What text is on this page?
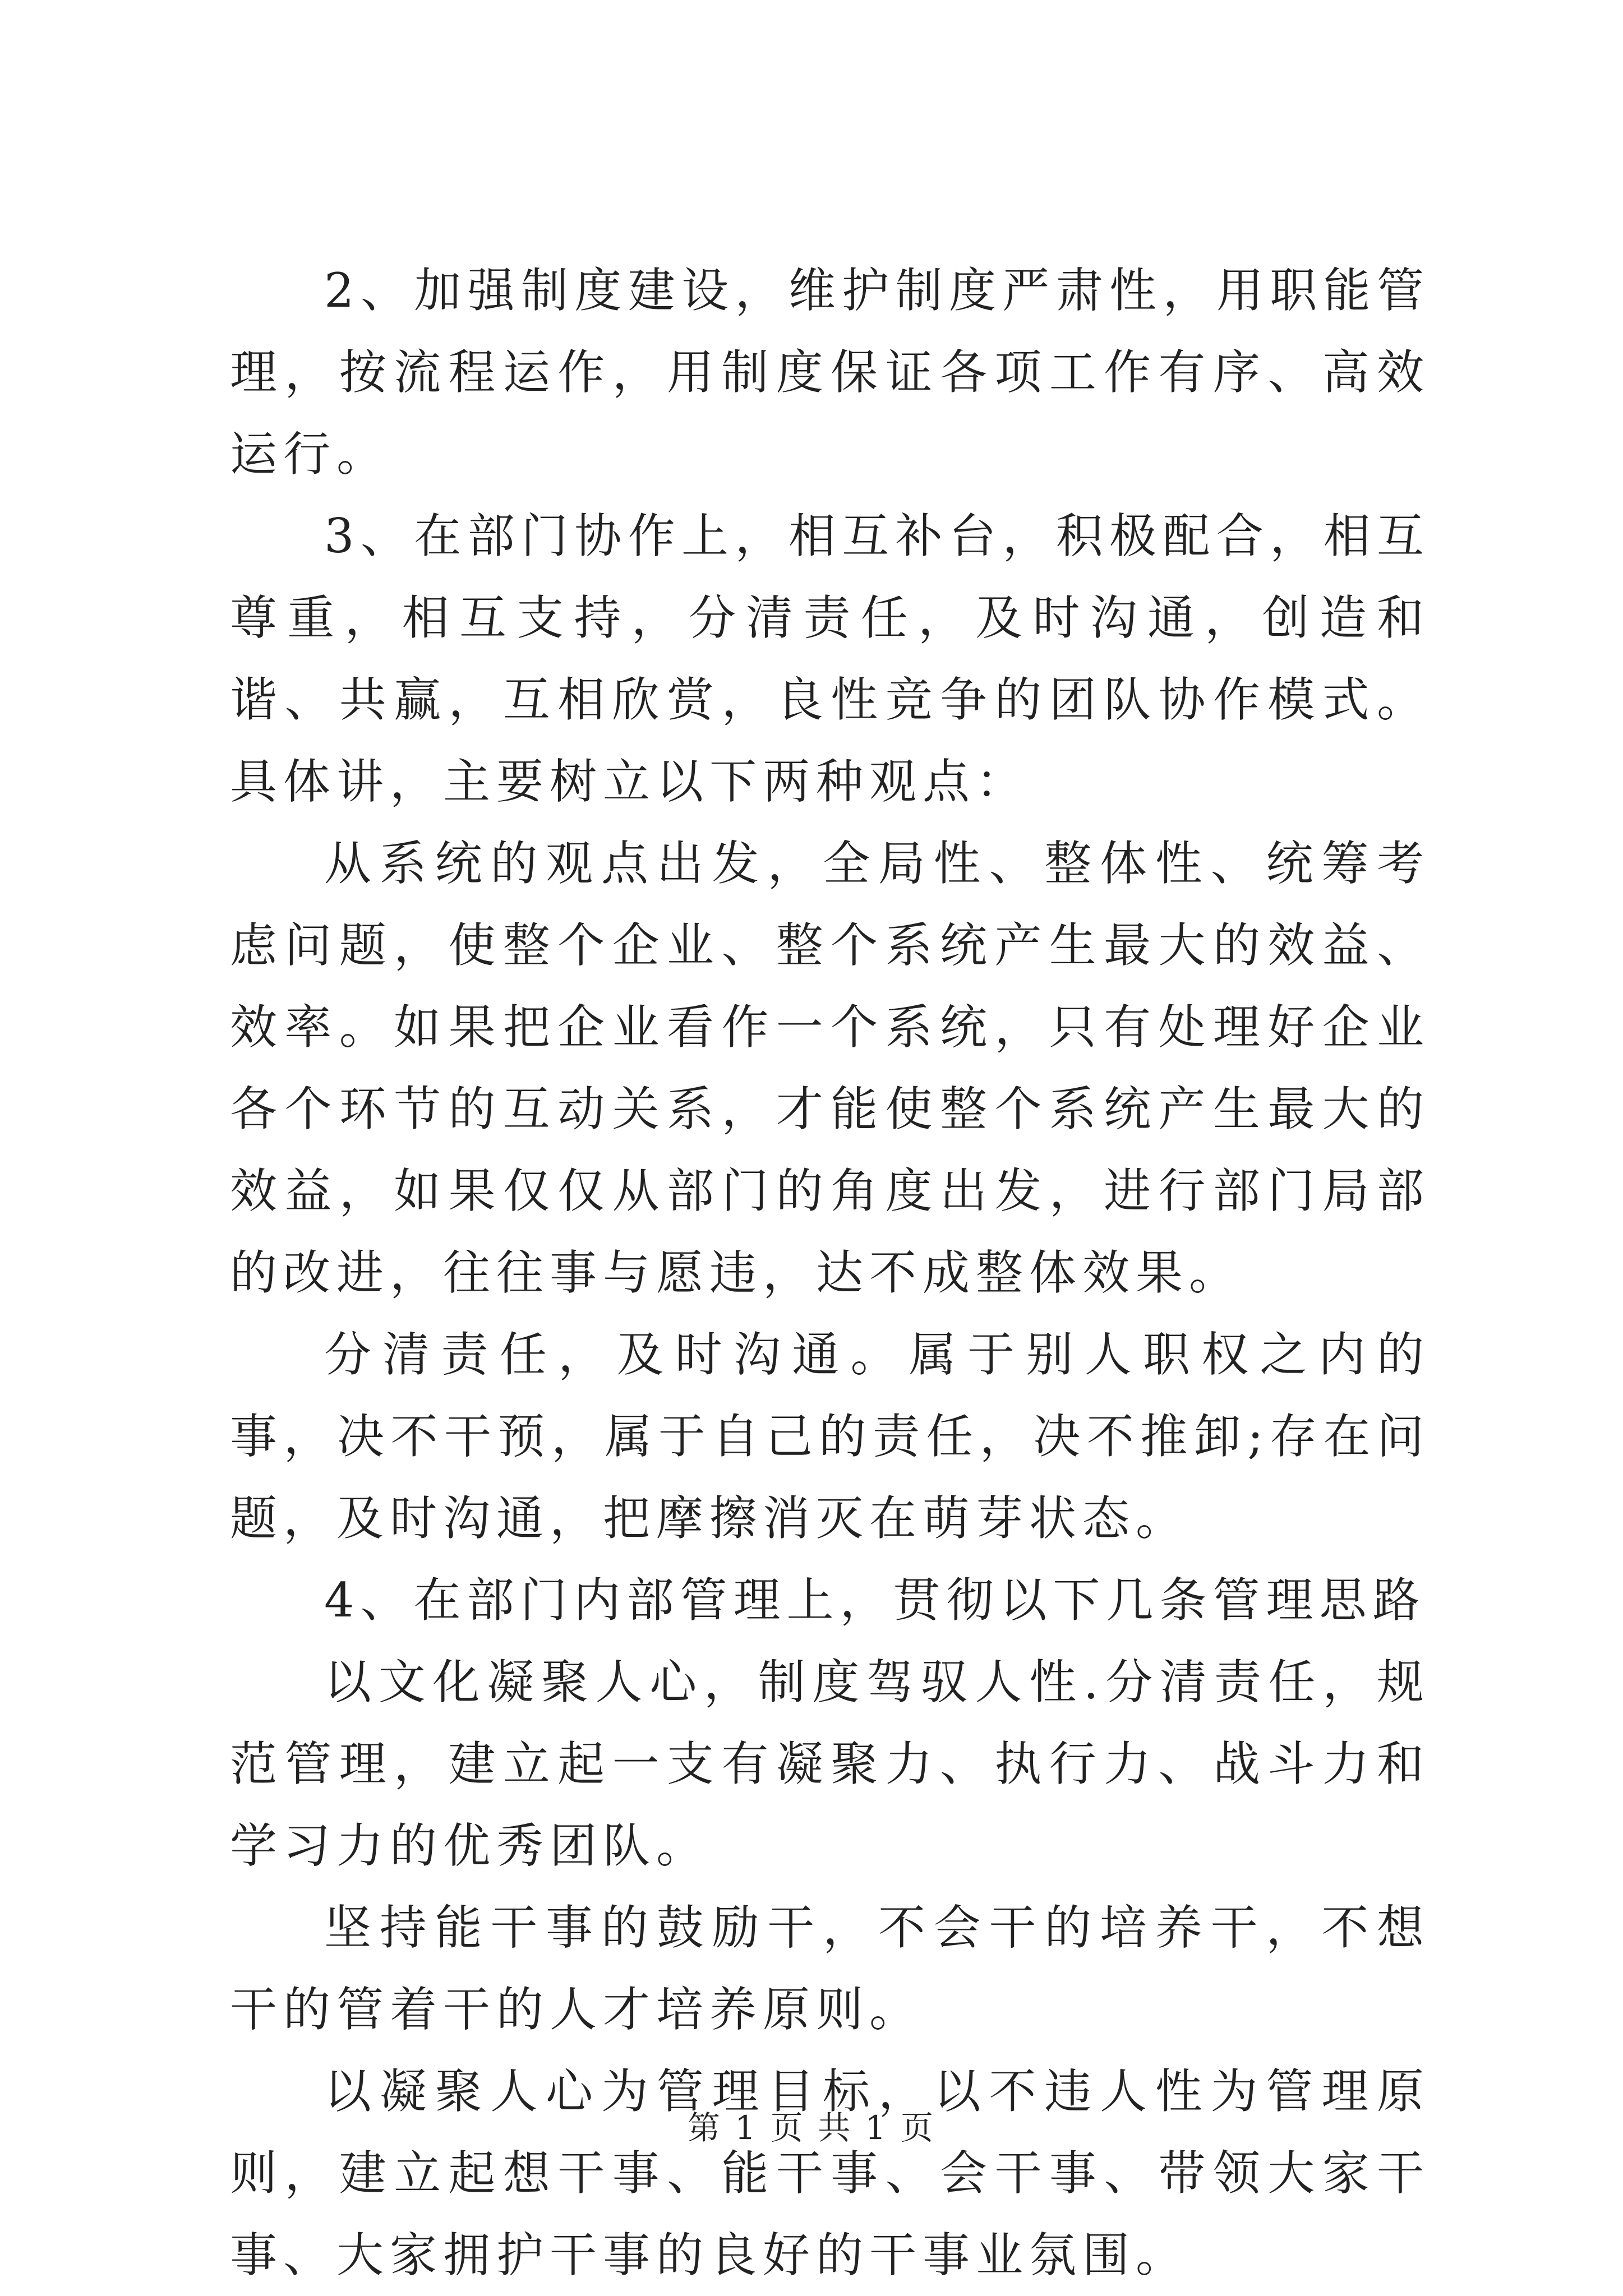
2、加强制度建设，维护制度严肃性，用职能管理，按流程运作，用制度保证各项工作有序、高效运行。

3、在部门协作上，相互补台，积极配合，相互尊重，相互支持，分清责任，及时沟通，创造和谐、共赢，互相欣赏，良性竞争的团队协作模式。具体讲，主要树立以下两种观点：

从系统的观点出发，全局性、整体性、统筹考虑问题，使整个企业、整个系统产生最大的效益、效率。如果把企业看作一个系统，只有处理好企业各个环节的互动关系，才能使整个系统产生最大的效益，如果仅仅从部门的角度出发，进行部门局部的改进，往往事与愿违，达不成整体效果。

分清责任，及时沟通。属于别人职权之内的事，决不干预，属于自己的责任，决不推卸;存在问题，及时沟通，把摩擦消灭在萌芽状态。

4、在部门内部管理上，贯彻以下几条管理思路

以文化凝聚人心，制度驾驭人性.分清责任，规范管理，建立起一支有凝聚力、执行力、战斗力和学习力的优秀团队。

坚持能干事的鼓励干，不会干的培养干，不想干的管着干的人才培养原则。

以凝聚人心为管理目标，以不违人性为管理原则，建立起想干事、能干事、会干事、带领大家干事、大家拥护干事的良好的干事业氛围。

第 1 页 共 1 页
